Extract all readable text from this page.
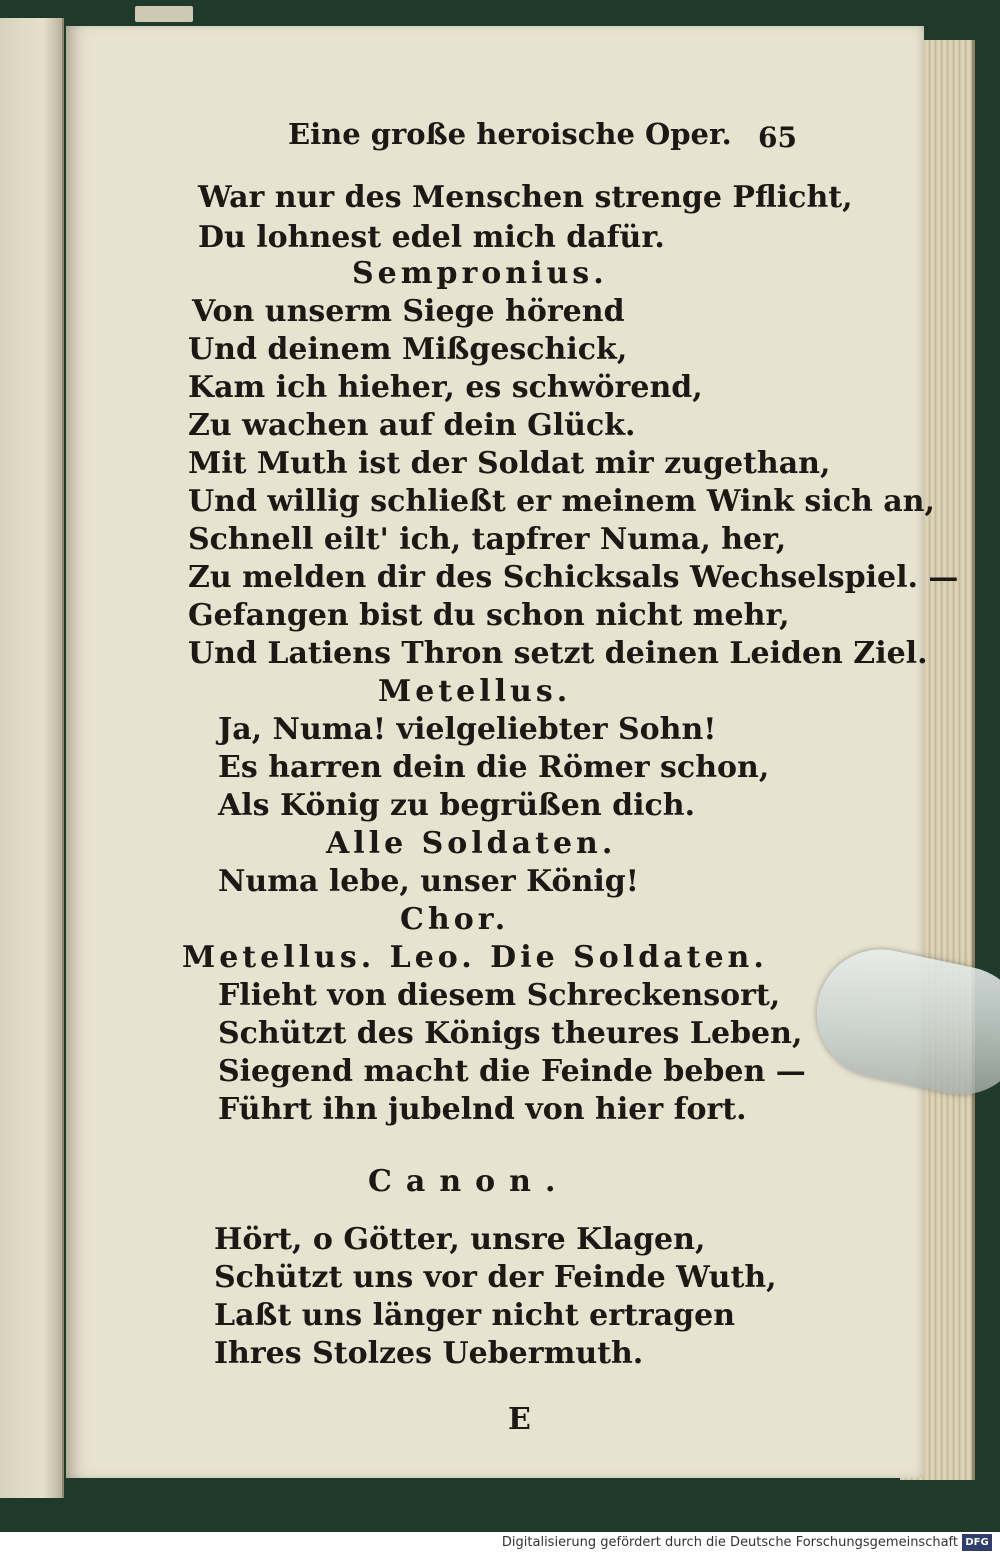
Eine große heroische Oper. 65
War nur des Menschen strenge Pflicht,
Du lohnest edel mich dafür.
Sempronius.
Von unserm Siege hörend
Und deinem Mißgeschick,
Kam ich hieher, es schwörend,
Zu wachen auf dein Glück.
Mit Muth ist der Soldat mir zugethan,
Und willig schließt er meinem Wink sich an,
Schnell eilt' ich, tapfrer Numa, her,
Zu melden dir des Schicksals Wechselspiel. —
Gefangen bist du schon nicht mehr,
Und Latiens Thron setzt deinen Leiden Ziel.
Metellus.
Ja, Numa! vielgeliebter Sohn!
Es harren dein die Römer schon,
Als König zu begrüßen dich.
Alle Soldaten.
Numa lebe, unser König!
Chor.
Metellus. Leo. Die Soldaten.
Flieht von diesem Schreckensort,
Schützt des Königs theures Leben,
Siegend macht die Feinde beben —
Führt ihn jubelnd von hier fort.
Canon.
Hört, o Götter, unsre Klagen,
Schützt uns vor der Feinde Wuth,
Laßt uns länger nicht ertragen
Ihres Stolzes Uebermuth.
E
Digitalisierung gefördert durch die Deutsche Forschungsgemeinschaft DFG
